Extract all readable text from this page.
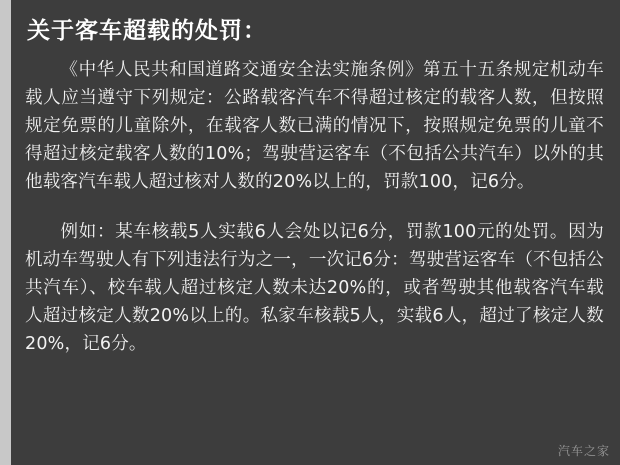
关于客车超载的处罚：

《中华人民共和国道路交通安全法实施条例》第五十五条规定机动车载人应当遵守下列规定：公路载客汽车不得超过核定的载客人数，但按照规定免票的儿童除外，在载客人数已满的情况下，按照规定免票的儿童不得超过核定载客人数的10%；驾驶营运客车（不包括公共汽车）以外的其他载客汽车载人超过核对人数的20%以上的，罚款100，记6分。

例如：某车核载5人实载6人会处以记6分，罚款100元的处罚。因为机动车驾驶人有下列违法行为之一，一次记6分：驾驶营运客车（不包括公共汽车）、校车载人超过核定人数未达20%的，或者驾驶其他载客汽车载人超过核定人数20%以上的。私家车核载5人，实载6人，超过了核定人数20%，记6分。

汽车之家
